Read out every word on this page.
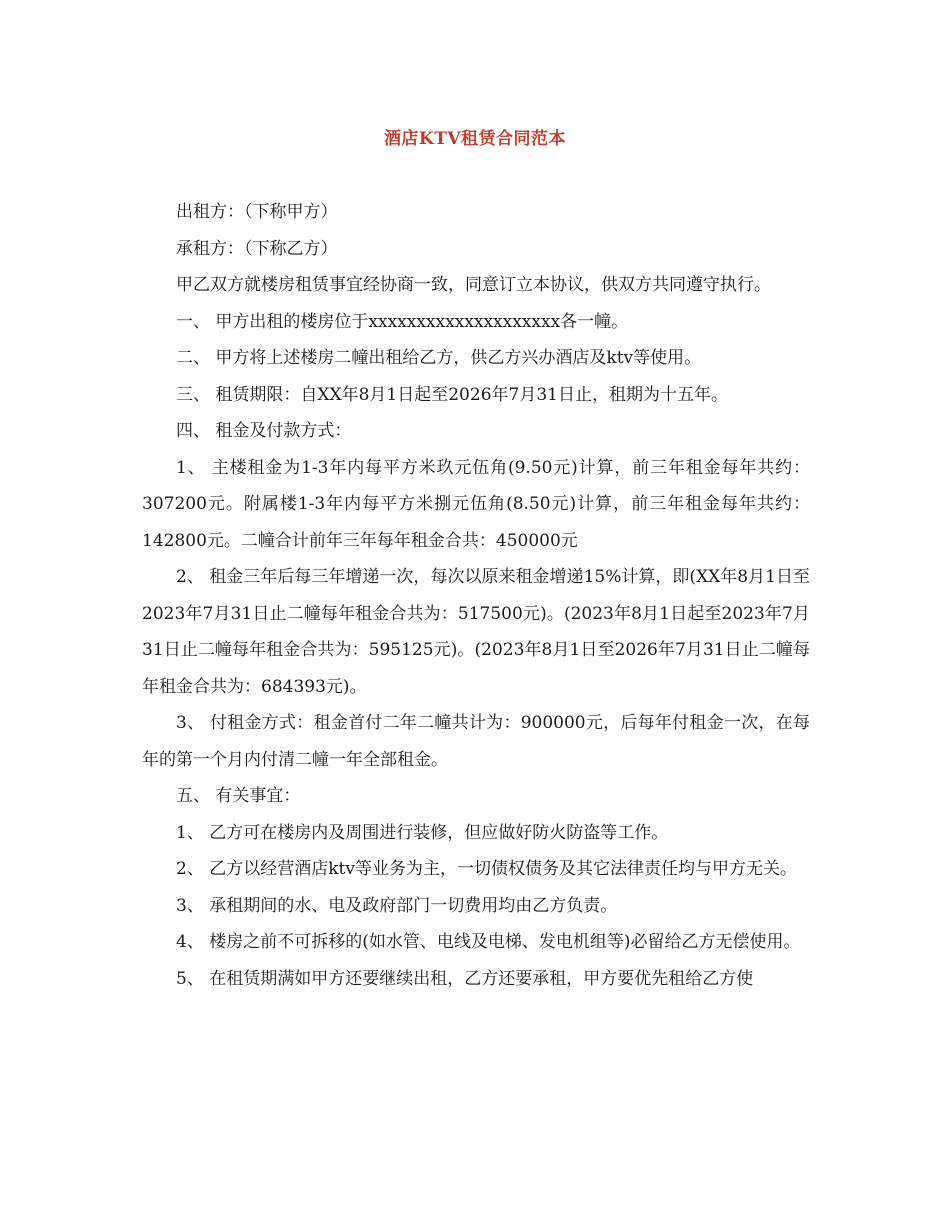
酒店KTV租赁合同范本

出租方：（下称甲方）

承租方：（下称乙方）

甲乙双方就楼房租赁事宜经协商一致，同意订立本协议，供双方共同遵守执行。

一、 甲方出租的楼房位于xxxxxxxxxxxxxxxxxxxx各一幢。

二、 甲方将上述楼房二幢出租给乙方，供乙方兴办酒店及ktv等使用。

三、 租赁期限：自XX年8月1日起至2026年7月31日止，租期为十五年。

四、 租金及付款方式：

1、 主楼租金为1-3年内每平方米玖元伍角(9.50元)计算，前三年租金每年共约：307200元。附属楼1-3年内每平方米捌元伍角(8.50元)计算，前三年租金每年共约：142800元。二幢合计前年三年每年租金合共：450000元

2、 租金三年后每三年增递一次，每次以原来租金增递15%计算，即(XX年8月1日至2023年7月31日止二幢每年租金合共为：517500元)。(2023年8月1日起至2023年7月31日止二幢每年租金合共为：595125元)。(2023年8月1日至2026年7月31日止二幢每年租金合共为：684393元)。

3、 付租金方式：租金首付二年二幢共计为：900000元，后每年付租金一次，在每年的第一个月内付清二幢一年全部租金。

五、 有关事宜：

1、 乙方可在楼房内及周围进行装修，但应做好防火防盗等工作。

2、 乙方以经营酒店ktv等业务为主，一切债权债务及其它法律责任均与甲方无关。

3、 承租期间的水、电及政府部门一切费用均由乙方负责。

4、 楼房之前不可拆移的(如水管、电线及电梯、发电机组等)必留给乙方无偿使用。

5、 在租赁期满如甲方还要继续出租，乙方还要承租，甲方要优先租给乙方使
